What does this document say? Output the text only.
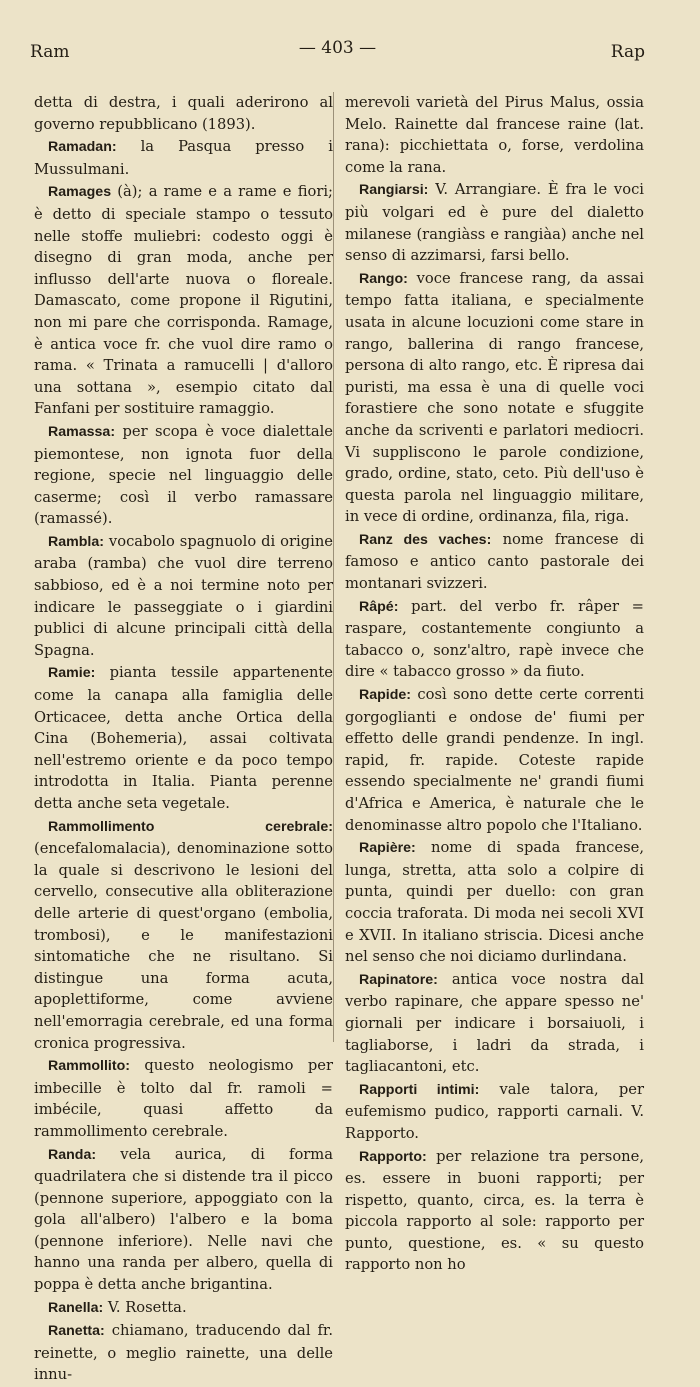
Ram	— 403 —	Rap

detta di destra, i quali aderirono al governo repubblicano (1893).

Ramadan: la Pasqua presso i Mussulmani.

Ramages (à); a rame e a rame e fiori; è detto di speciale stampo o tessuto nelle stoffe muliebri: codesto oggi è disegno di gran moda, anche per influsso dell'arte nuova o floreale. Damascato, come propone il Rigutini, non mi pare che corrisponda. Ramage, è antica voce fr. che vuol dire ramo o rama. « Trinata a ramucelli | d'alloro una sottana », esempio citato dal Fanfani per sostituire ramaggio.

Ramassa: per scopa è voce dialettale piemontese, non ignota fuor della regione, specie nel linguaggio delle caserme; così il verbo ramassare (ramassé).

Rambla: vocabolo spagnuolo di origine araba (ramba) che vuol dire terreno sabbioso, ed è a noi termine noto per indicare le passeggiate o i giardini publici di alcune principali città della Spagna.

Ramie: pianta tessile appartenente come la canapa alla famiglia delle Orticacee, detta anche Ortica della Cina (Bohemeria), assai coltivata nell'estremo oriente e da poco tempo introdotta in Italia. Pianta perenne detta anche seta vegetale.

Rammollimento cerebrale: (encefalomalacia), denominazione sotto la quale si descrivono le lesioni del cervello, consecutive alla obliterazione delle arterie di quest'organo (embolia, trombosi), e le manifestazioni sintomatiche che ne risultano. Si distingue una forma acuta, apoplettiforme, come avviene nell'emorragia cerebrale, ed una forma cronica progressiva.

Rammollito: questo neologismo per imbecille è tolto dal fr. ramoli = imbécile, quasi affetto da rammollimento cerebrale.

Randa: vela aurica, di forma quadrilatera che si distende tra il picco (pennone superiore, appoggiato con la gola all'albero) l'albero e la boma (pennone inferiore). Nelle navi che hanno una randa per albero, quella di poppa è detta anche brigantina.

Ranella: V. Rosetta.

Ranetta: chiamano, traducendo dal fr. reinette, o meglio rainette, una delle innu-

merevoli varietà del Pirus Malus, ossia Melo. Rainette dal francese raine (lat. rana): picchiettata o, forse, verdolina come la rana.

Rangiarsi: V. Arrangiare. È fra le voci più volgari ed è pure del dialetto milanese (rangiàss e rangiàa) anche nel senso di azzimarsi, farsi bello.

Rango: voce francese rang, da assai tempo fatta italiana, e specialmente usata in alcune locuzioni come stare in rango, ballerina di rango francese, persona di alto rango, etc. È ripresa dai puristi, ma essa è una di quelle voci forastiere che sono notate e sfuggite anche da scriventi e parlatori mediocri. Vi suppliscono le parole condizione, grado, ordine, stato, ceto. Più dell'uso è questa parola nel linguaggio militare, in vece di ordine, ordinanza, fila, riga.

Ranz des vaches: nome francese di famoso e antico canto pastorale dei montanari svizzeri.

Râpé: part. del verbo fr. râper = raspare, costantemente congiunto a tabacco o, sonz'altro, rapè invece che dire « tabacco grosso » da fiuto.

Rapide: così sono dette certe correnti gorgoglianti e ondose de' fiumi per effetto delle grandi pendenze. In ingl. rapid, fr. rapide. Coteste rapide essendo specialmente ne' grandi fiumi d'Africa e America, è naturale che le denominasse altro popolo che l'Italiano.

Rapière: nome di spada francese, lunga, stretta, atta solo a colpire di punta, quindi per duello: con gran coccia traforata. Di moda nei secoli XVI e XVII. In italiano striscia. Dicesi anche nel senso che noi diciamo durlindana.

Rapinatore: antica voce nostra dal verbo rapinare, che appare spesso ne' giornali per indicare i borsaiuoli, i tagliaborse, i ladri da strada, i tagliacantoni, etc.

Rapporti intimi: vale talora, per eufemismo pudico, rapporti carnali. V. Rapporto.

Rapporto: per relazione tra persone, es. essere in buoni rapporti; per rispetto, quanto, circa, es. la terra è piccola rapporto al sole: rapporto per punto, questione, es. « su questo rapporto non ho
